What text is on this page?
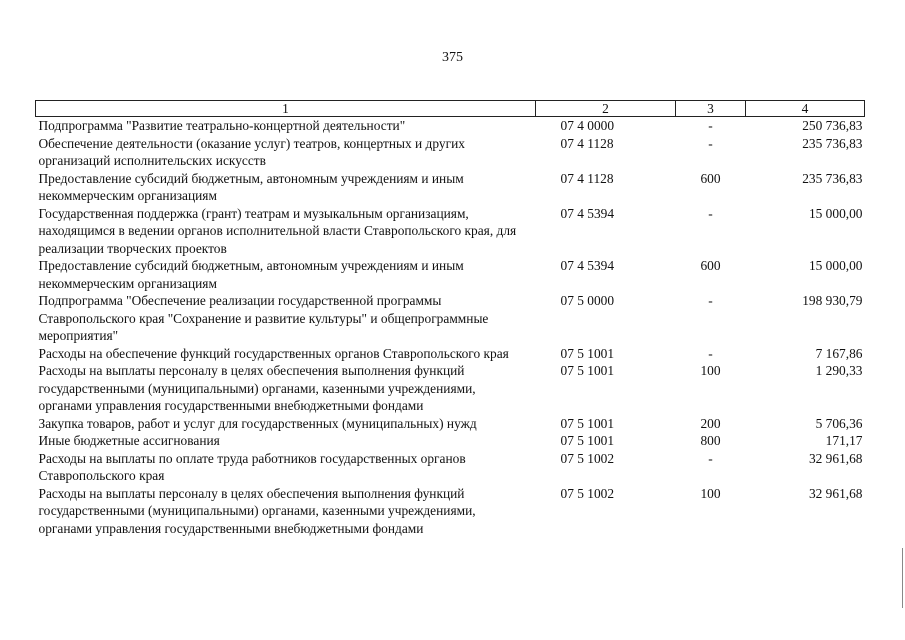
375
1	2	3	4
Подпрограмма "Развитие театрально-концертной деятельности"	07 4 0000	-	250 736,83
Обеспечение деятельности (оказание услуг) театров, концертных и других организаций исполнительских искусств	07 4 1128	-	235 736,83
Предоставление субсидий бюджетным, автономным учреждениям и иным некоммерческим организациям	07 4 1128	600	235 736,83
Государственная поддержка (грант) театрам и музыкальным организациям, находящимся в ведении органов исполнительной власти Ставропольского края, для реализации творческих проектов	07 4 5394	-	15 000,00
Предоставление субсидий бюджетным, автономным учреждениям и иным некоммерческим организациям	07 4 5394	600	15 000,00
Подпрограмма "Обеспечение реализации государственной программы Ставропольского края "Сохранение и развитие культуры" и общепрограммные мероприятия"	07 5 0000	-	198 930,79
Расходы на обеспечение функций государственных органов Ставропольского края	07 5 1001	-	7 167,86
Расходы на выплаты персоналу в целях обеспечения выполнения функций государственными (муниципальными) органами, казенными учреждениями, органами управления государственными внебюджетными фондами	07 5 1001	100	1 290,33
Закупка товаров, работ и услуг для государственных (муниципальных) нужд	07 5 1001	200	5 706,36
Иные бюджетные ассигнования	07 5 1001	800	171,17
Расходы на выплаты по оплате труда работников государственных органов Ставропольского края	07 5 1002	-	32 961,68
Расходы на выплаты персоналу в целях обеспечения выполнения функций государственными (муниципальными) органами, казенными учреждениями, органами управления государственными внебюджетными фондами	07 5 1002	100	32 961,68
